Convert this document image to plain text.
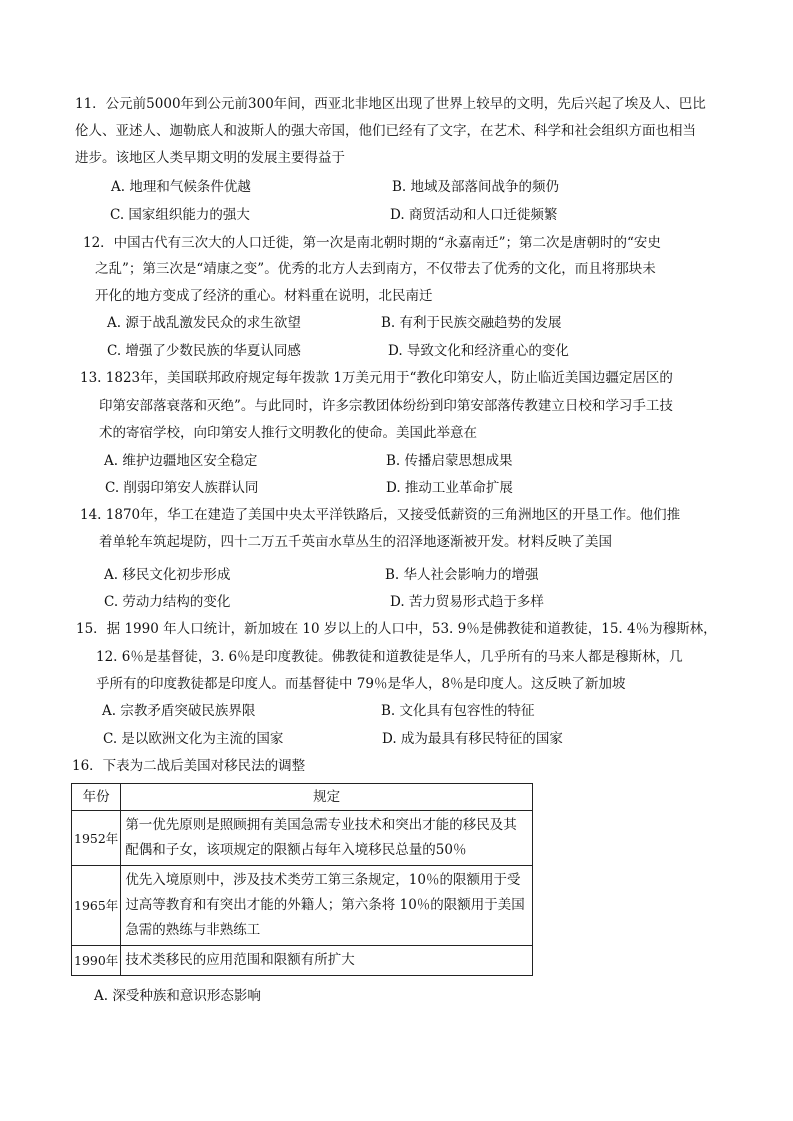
11．公元前5000年到公元前300年间，西亚北非地区出现了世界上较早的文明，先后兴起了埃及人、巴比
伦人、亚述人、迦勒底人和波斯人的强大帝国，他们已经有了文字，在艺术、科学和社会组织方面也相当
进步。该地区人类早期文明的发展主要得益于
A. 地理和气候条件优越	B. 地域及部落间战争的频仍
C. 国家组织能力的强大	D. 商贸活动和人口迁徙频繁
12．中国古代有三次大的人口迁徙，第一次是南北朝时期的“永嘉南迁”；第二次是唐朝时的“安史
之乱”；第三次是“靖康之变”。优秀的北方人去到南方，不仅带去了优秀的文化，而且将那块未
开化的地方变成了经济的重心。材料重在说明，北民南迁
A. 源于战乱激发民众的求生欲望	B. 有利于民族交融趋势的发展
C. 增强了少数民族的华夏认同感	D. 导致文化和经济重心的变化
13. 1823年，美国联邦政府规定每年拨款 1万美元用于“教化印第安人，防止临近美国边疆定居区的
印第安部落衰落和灭绝”。与此同时，许多宗教团体纷纷到印第安部落传教建立日校和学习手工技
术的寄宿学校，向印第安人推行文明教化的使命。美国此举意在
A. 维护边疆地区安全稳定	B. 传播启蒙思想成果
C. 削弱印第安人族群认同	D. 推动工业革命扩展
14. 1870年，华工在建造了美国中央太平洋铁路后，又接受低薪资的三角洲地区的开垦工作。他们推
着单轮车筑起堤防，四十二万五千英亩水草丛生的沼泽地逐渐被开发。材料反映了美国
A. 移民文化初步形成	B. 华人社会影响力的增强
C. 劳动力结构的变化	D. 苦力贸易形式趋于多样
15．据 1990 年人口统计，新加坡在 10 岁以上的人口中，53. 9％是佛教徒和道教徒，15. 4％为穆斯林，
12. 6％是基督徒，3. 6％是印度教徒。佛教徒和道教徒是华人，几乎所有的马来人都是穆斯林，几
乎所有的印度教徒都是印度人。而基督徒中 79％是华人，8％是印度人。这反映了新加坡
A. 宗教矛盾突破民族界限	B. 文化具有包容性的特征
C. 是以欧洲文化为主流的国家	D. 成为最具有移民特征的国家
16．下表为二战后美国对移民法的调整
年份	规定
1952年	第一优先原则是照顾拥有美国急需专业技术和突出才能的移民及其配偶和子女，该项规定的限额占每年入境移民总量的50％
1965年	优先入境原则中，涉及技术类劳工第三条规定，10％的限额用于受过高等教育和有突出才能的外籍人；第六条将 10％的限额用于美国急需的熟练与非熟练工
1990年	技术类移民的应用范围和限额有所扩大
A. 深受种族和意识形态影响
